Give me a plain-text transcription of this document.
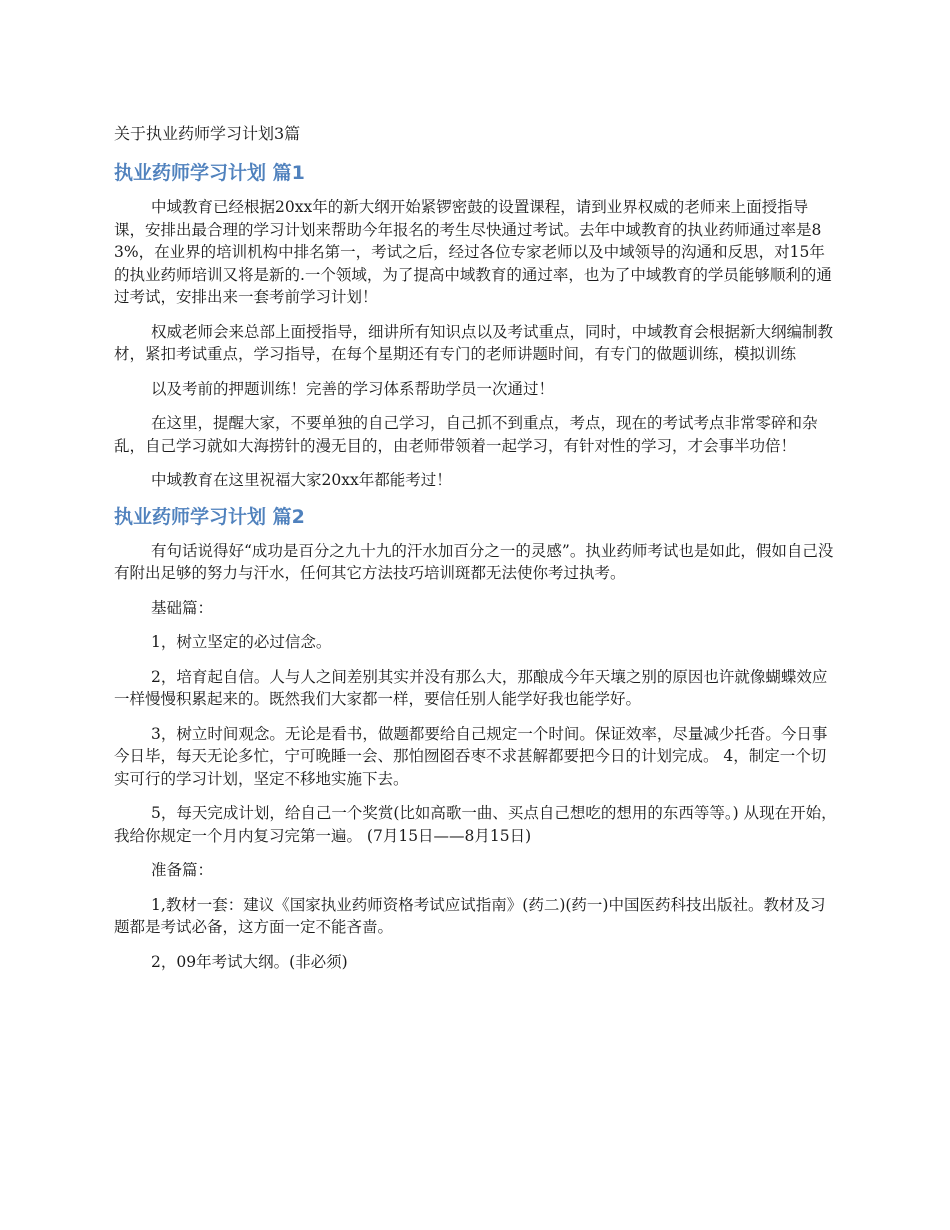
关于执业药师学习计划3篇
执业药师学习计划 篇1

中域教育已经根据20xx年的新大纲开始紧锣密鼓的设置课程，请到业界权威的老师来上面授指导课，安排出最合理的学习计划来帮助今年报名的考生尽快通过考试。去年中域教育的执业药师通过率是83%，在业界的培训机构中排名第一，考试之后，经过各位专家老师以及中域领导的沟通和反思，对15年的执业药师培训又将是新的.一个领域，为了提高中域教育的通过率，也为了中域教育的学员能够顺利的通过考试，安排出来一套考前学习计划！

权威老师会来总部上面授指导，细讲所有知识点以及考试重点，同时，中域教育会根据新大纲编制教材，紧扣考试重点，学习指导，在每个星期还有专门的老师讲题时间，有专门的做题训练，模拟训练

以及考前的押题训练！完善的学习体系帮助学员一次通过！

在这里，提醒大家，不要单独的自己学习，自己抓不到重点，考点，现在的考试考点非常零碎和杂乱，自己学习就如大海捞针的漫无目的，由老师带领着一起学习，有针对性的学习，才会事半功倍！

中域教育在这里祝福大家20xx年都能考过！

执业药师学习计划 篇2

有句话说得好“成功是百分之九十九的汗水加百分之一的灵感”。执业药师考试也是如此，假如自己没有附出足够的努力与汗水，任何其它方法技巧培训斑都无法使你考过执考。

基础篇：

1，树立坚定的必过信念。

2，培育起自信。人与人之间差别其实并没有那么大，那酿成今年天壤之别的原因也许就像蝴蝶效应一样慢慢积累起来的。既然我们大家都一样，要信任别人能学好我也能学好。

3，树立时间观念。无论是看书，做题都要给自己规定一个时间。保证效率，尽量减少托沓。今日事今日毕，每天无论多忙，宁可晚睡一会、那怕囫囵吞枣不求甚解都要把今日的计划完成。 4，制定一个切实可行的学习计划，坚定不移地实施下去。

5，每天完成计划，给自己一个奖赏(比如高歌一曲、买点自己想吃的想用的东西等等。) 从现在开始，我给你规定一个月内复习完第一遍。 (7月15日——8月15日)

准备篇：

1,教材一套：建议《国家执业药师资格考试应试指南》(药二)(药一)中国医药科技出版社。教材及习题都是考试必备，这方面一定不能吝啬。

2，09年考试大纲。(非必须)
